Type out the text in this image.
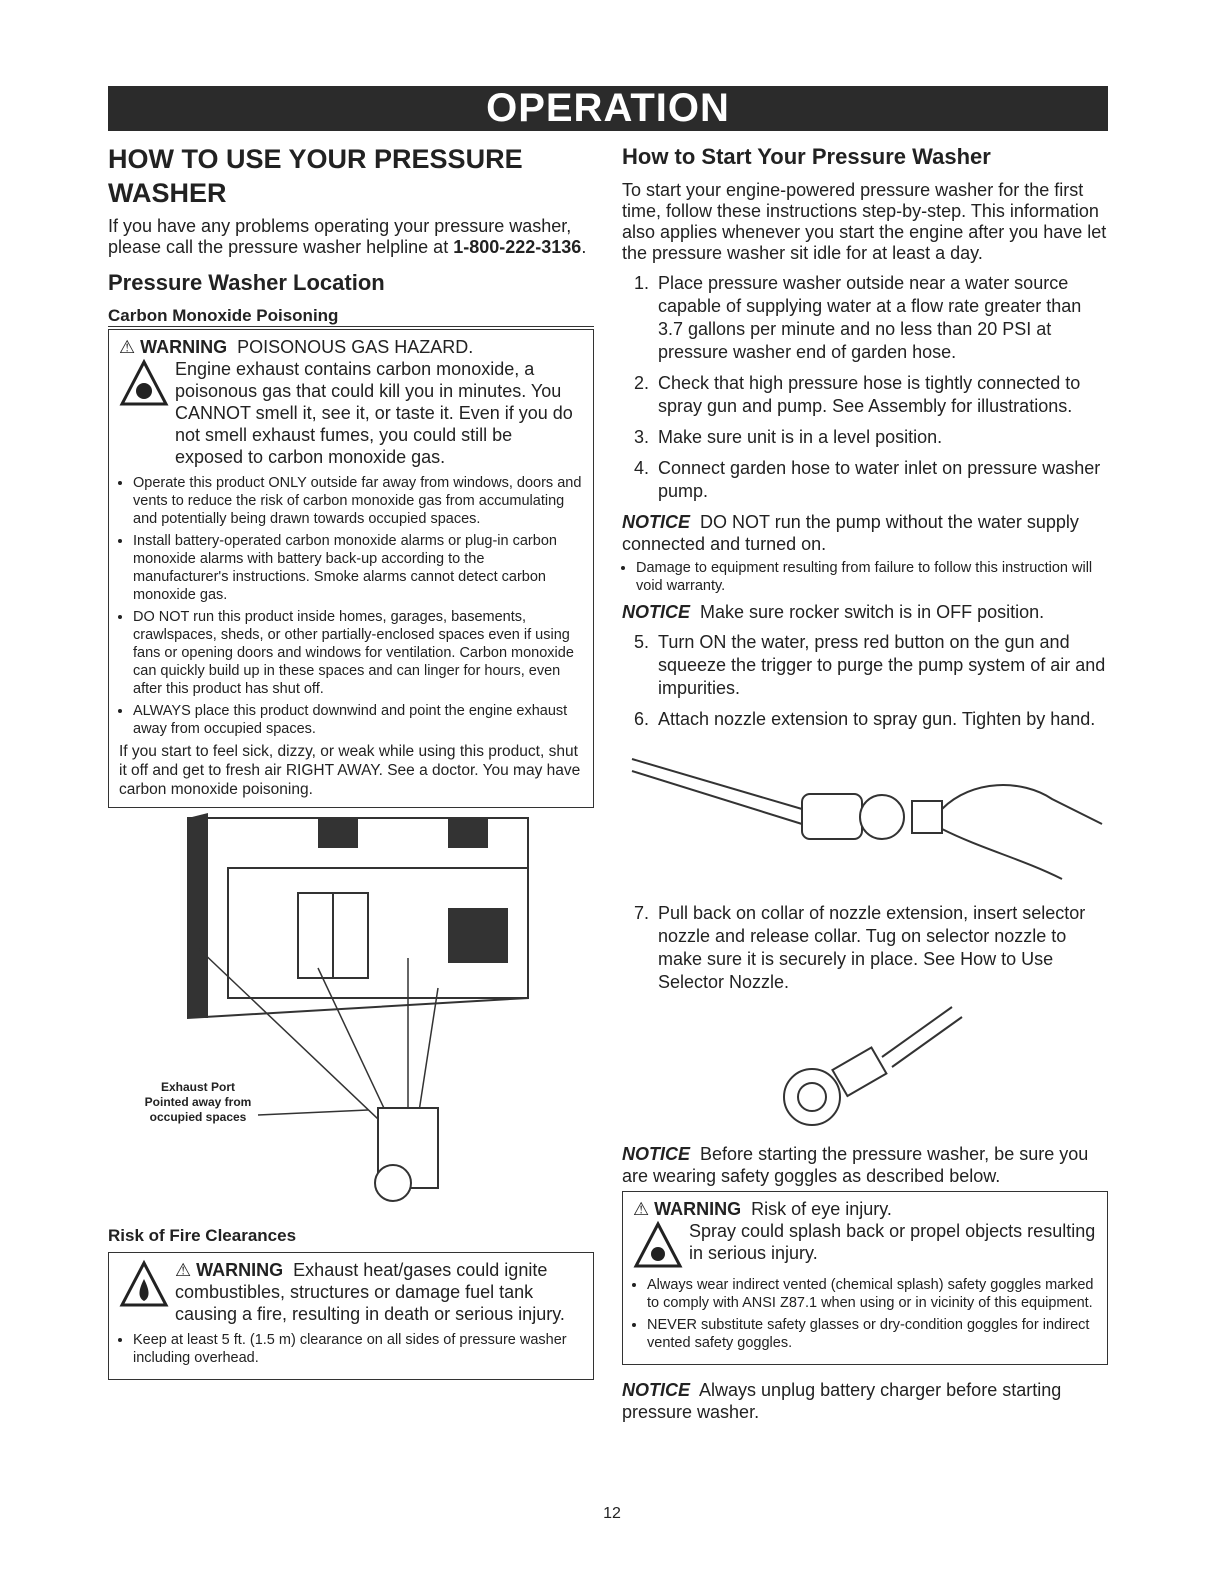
OPERATION
HOW TO USE YOUR PRESSURE WASHER

If you have any problems operating your pressure washer, please call the pressure washer helpline at 1-800-222-3136.

Pressure Washer Location
Carbon Monoxide Poisoning
⚠ WARNING POISONOUS GAS HAZARD.
Engine exhaust contains carbon monoxide, a poisonous gas that could kill you in minutes. You CANNOT smell it, see it, or taste it. Even if you do not smell exhaust fumes, you could still be exposed to carbon monoxide gas.
• Operate this product ONLY outside far away from windows, doors and vents to reduce the risk of carbon monoxide gas from accumulating and potentially being drawn towards occupied spaces.
• Install battery-operated carbon monoxide alarms or plug-in carbon monoxide alarms with battery back-up according to the manufacturer's instructions. Smoke alarms cannot detect carbon monoxide gas.
• DO NOT run this product inside homes, garages, basements, crawlspaces, sheds, or other partially-enclosed spaces even if using fans or opening doors and windows for ventilation. Carbon monoxide can quickly build up in these spaces and can linger for hours, even after this product has shut off.
• ALWAYS place this product downwind and point the engine exhaust away from occupied spaces.

If you start to feel sick, dizzy, or weak while using this product, shut it off and get to fresh air RIGHT AWAY. See a doctor. You may have carbon monoxide poisoning.

Exhaust Port
Pointed away from
occupied spaces
Risk of Fire Clearances
⚠ WARNING Exhaust heat/gases could ignite combustibles, structures or damage fuel tank causing a fire, resulting in death or serious injury.
• Keep at least 5 ft. (1.5 m) clearance on all sides of pressure washer including overhead.
How to Start Your Pressure Washer

To start your engine-powered pressure washer for the first time, follow these instructions step-by-step. This information also applies whenever you start the engine after you have let the pressure washer sit idle for at least a day.

1. Place pressure washer outside near a water source capable of supplying water at a flow rate greater than 3.7 gallons per minute and no less than 20 PSI at pressure washer end of garden hose.
2. Check that high pressure hose is tightly connected to spray gun and pump. See Assembly for illustrations.
3. Make sure unit is in a level position.
4. Connect garden hose to water inlet on pressure washer pump.

NOTICE DO NOT run the pump without the water supply connected and turned on.

• Damage to equipment resulting from failure to follow this instruction will void warranty.

NOTICE Make sure rocker switch is in OFF position.

5. Turn ON the water, press red button on the gun and squeeze the trigger to purge the pump system of air and impurities.
6. Attach nozzle extension to spray gun. Tighten by hand.
7. Pull back on collar of nozzle extension, insert selector nozzle and release collar. Tug on selector nozzle to make sure it is securely in place. See How to Use Selector Nozzle.

NOTICE Before starting the pressure washer, be sure you are wearing safety goggles as described below.

⚠ WARNING Risk of eye injury.
Spray could splash back or propel objects resulting in serious injury.
• Always wear indirect vented (chemical splash) safety goggles marked to comply with ANSI Z87.1 when using or in vicinity of this equipment.
• NEVER substitute safety glasses or dry-condition goggles for indirect vented safety goggles.

NOTICE Always unplug battery charger before starting pressure washer.

12
